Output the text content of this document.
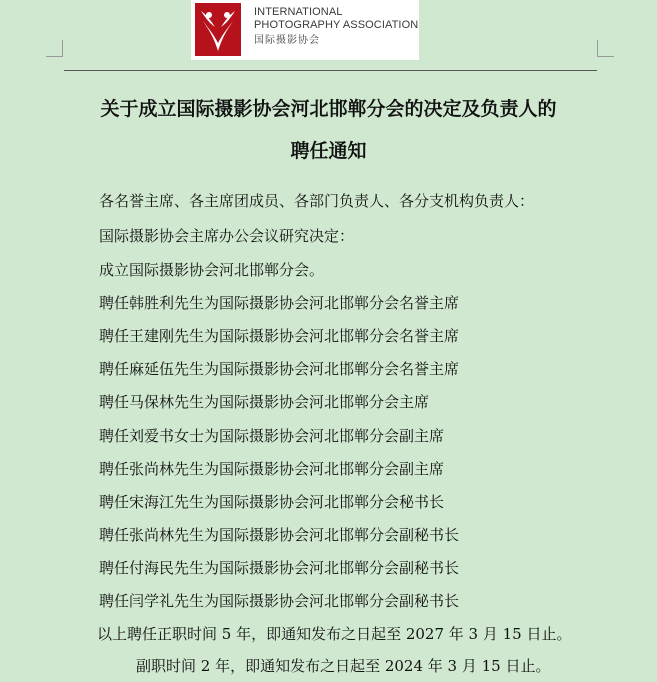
INTERNATIONAL
PHOTOGRAPHY ASSOCIATION
国际摄影协会
关于成立国际摄影协会河北邯郸分会的决定及负责人的
聘任通知
各名誉主席、各主席团成员、各部门负责人、各分支机构负责人：
国际摄影协会主席办公会议研究决定：
成立国际摄影协会河北邯郸分会。
聘任韩胜利先生为国际摄影协会河北邯郸分会名誉主席
聘任王建刚先生为国际摄影协会河北邯郸分会名誉主席
聘任麻延伍先生为国际摄影协会河北邯郸分会名誉主席
聘任马保林先生为国际摄影协会河北邯郸分会主席
聘任刘爱书女士为国际摄影协会河北邯郸分会副主席
聘任张尚林先生为国际摄影协会河北邯郸分会副主席
聘任宋海江先生为国际摄影协会河北邯郸分会秘书长
聘任张尚林先生为国际摄影协会河北邯郸分会副秘书长
聘任付海民先生为国际摄影协会河北邯郸分会副秘书长
聘任闫学礼先生为国际摄影协会河北邯郸分会副秘书长
以上聘任正职时间 5 年，即通知发布之日起至 2027 年 3 月 15 日止。
副职时间 2 年，即通知发布之日起至 2024 年 3 月 15 日止。
